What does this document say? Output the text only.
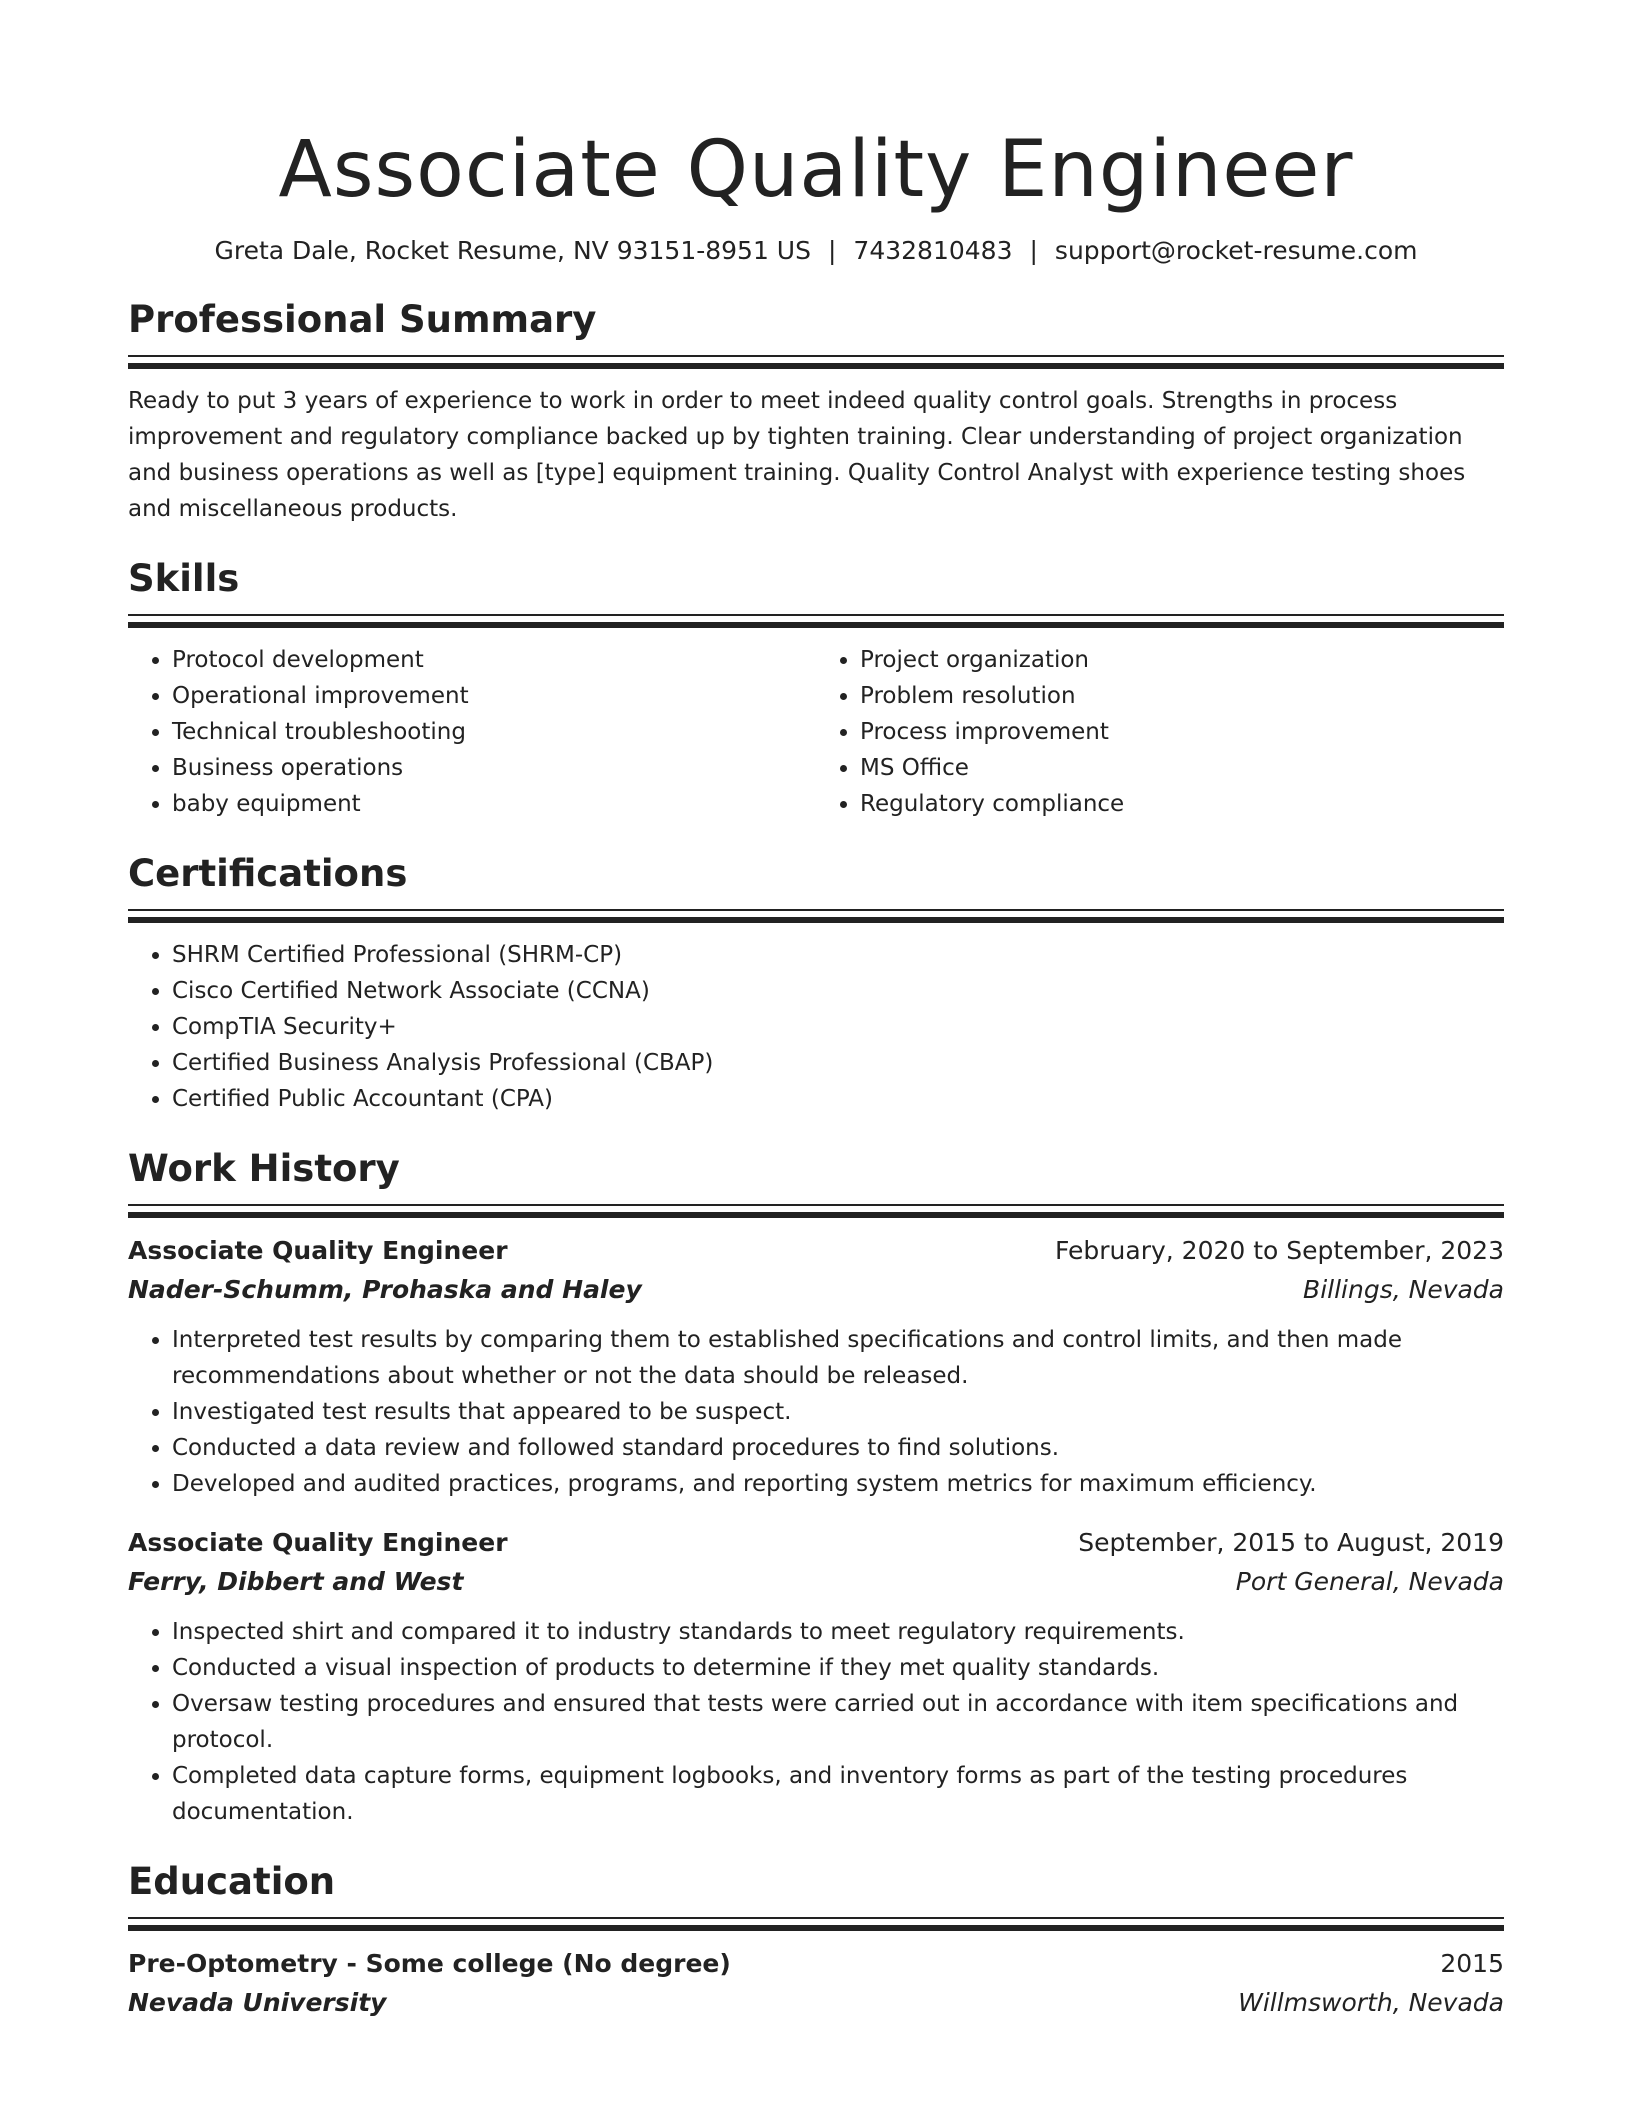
Associate Quality Engineer
Greta Dale, Rocket Resume, NV 93151-8951 US | 7432810483 | support@rocket-resume.com
Professional Summary
Ready to put 3 years of experience to work in order to meet indeed quality control goals. Strengths in process improvement and regulatory compliance backed up by tighten training. Clear understanding of project organization and business operations as well as [type] equipment training. Quality Control Analyst with experience testing shoes and miscellaneous products.
Skills
• Protocol development
• Operational improvement
• Technical troubleshooting
• Business operations
• baby equipment
• Project organization
• Problem resolution
• Process improvement
• MS Office
• Regulatory compliance
Certifications
• SHRM Certified Professional (SHRM-CP)
• Cisco Certified Network Associate (CCNA)
• CompTIA Security+
• Certified Business Analysis Professional (CBAP)
• Certified Public Accountant (CPA)
Work History
Associate Quality Engineer	February, 2020 to September, 2023
Nader-Schumm, Prohaska and Haley	Billings, Nevada
• Interpreted test results by comparing them to established specifications and control limits, and then made recommendations about whether or not the data should be released.
• Investigated test results that appeared to be suspect.
• Conducted a data review and followed standard procedures to find solutions.
• Developed and audited practices, programs, and reporting system metrics for maximum efficiency.
Associate Quality Engineer	September, 2015 to August, 2019
Ferry, Dibbert and West	Port General, Nevada
• Inspected shirt and compared it to industry standards to meet regulatory requirements.
• Conducted a visual inspection of products to determine if they met quality standards.
• Oversaw testing procedures and ensured that tests were carried out in accordance with item specifications and protocol.
• Completed data capture forms, equipment logbooks, and inventory forms as part of the testing procedures documentation.
Education
Pre-Optometry - Some college (No degree)	2015
Nevada University	Willmsworth, Nevada
